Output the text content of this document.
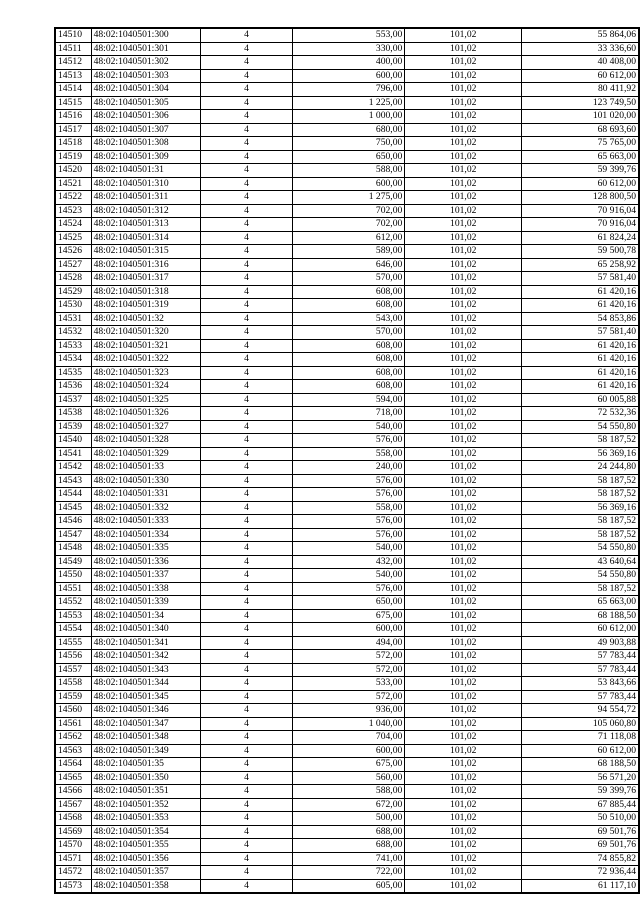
14510	48:02:1040501:300	4	553,00	101,02	55 864,06
14511	48:02:1040501:301	4	330,00	101,02	33 336,60
14512	48:02:1040501:302	4	400,00	101,02	40 408,00
14513	48:02:1040501:303	4	600,00	101,02	60 612,00
14514	48:02:1040501:304	4	796,00	101,02	80 411,92
14515	48:02:1040501:305	4	1 225,00	101,02	123 749,50
14516	48:02:1040501:306	4	1 000,00	101,02	101 020,00
14517	48:02:1040501:307	4	680,00	101,02	68 693,60
14518	48:02:1040501:308	4	750,00	101,02	75 765,00
14519	48:02:1040501:309	4	650,00	101,02	65 663,00
14520	48:02:1040501:31	4	588,00	101,02	59 399,76
14521	48:02:1040501:310	4	600,00	101,02	60 612,00
14522	48:02:1040501:311	4	1 275,00	101,02	128 800,50
14523	48:02:1040501:312	4	702,00	101,02	70 916,04
14524	48:02:1040501:313	4	702,00	101,02	70 916,04
14525	48:02:1040501:314	4	612,00	101,02	61 824,24
14526	48:02:1040501:315	4	589,00	101,02	59 500,78
14527	48:02:1040501:316	4	646,00	101,02	65 258,92
14528	48:02:1040501:317	4	570,00	101,02	57 581,40
14529	48:02:1040501:318	4	608,00	101,02	61 420,16
14530	48:02:1040501:319	4	608,00	101,02	61 420,16
14531	48:02:1040501:32	4	543,00	101,02	54 853,86
14532	48:02:1040501:320	4	570,00	101,02	57 581,40
14533	48:02:1040501:321	4	608,00	101,02	61 420,16
14534	48:02:1040501:322	4	608,00	101,02	61 420,16
14535	48:02:1040501:323	4	608,00	101,02	61 420,16
14536	48:02:1040501:324	4	608,00	101,02	61 420,16
14537	48:02:1040501:325	4	594,00	101,02	60 005,88
14538	48:02:1040501:326	4	718,00	101,02	72 532,36
14539	48:02:1040501:327	4	540,00	101,02	54 550,80
14540	48:02:1040501:328	4	576,00	101,02	58 187,52
14541	48:02:1040501:329	4	558,00	101,02	56 369,16
14542	48:02:1040501:33	4	240,00	101,02	24 244,80
14543	48:02:1040501:330	4	576,00	101,02	58 187,52
14544	48:02:1040501:331	4	576,00	101,02	58 187,52
14545	48:02:1040501:332	4	558,00	101,02	56 369,16
14546	48:02:1040501:333	4	576,00	101,02	58 187,52
14547	48:02:1040501:334	4	576,00	101,02	58 187,52
14548	48:02:1040501:335	4	540,00	101,02	54 550,80
14549	48:02:1040501:336	4	432,00	101,02	43 640,64
14550	48:02:1040501:337	4	540,00	101,02	54 550,80
14551	48:02:1040501:338	4	576,00	101,02	58 187,52
14552	48:02:1040501:339	4	650,00	101,02	65 663,00
14553	48:02:1040501:34	4	675,00	101,02	68 188,50
14554	48:02:1040501:340	4	600,00	101,02	60 612,00
14555	48:02:1040501:341	4	494,00	101,02	49 903,88
14556	48:02:1040501:342	4	572,00	101,02	57 783,44
14557	48:02:1040501:343	4	572,00	101,02	57 783,44
14558	48:02:1040501:344	4	533,00	101,02	53 843,66
14559	48:02:1040501:345	4	572,00	101,02	57 783,44
14560	48:02:1040501:346	4	936,00	101,02	94 554,72
14561	48:02:1040501:347	4	1 040,00	101,02	105 060,80
14562	48:02:1040501:348	4	704,00	101,02	71 118,08
14563	48:02:1040501:349	4	600,00	101,02	60 612,00
14564	48:02:1040501:35	4	675,00	101,02	68 188,50
14565	48:02:1040501:350	4	560,00	101,02	56 571,20
14566	48:02:1040501:351	4	588,00	101,02	59 399,76
14567	48:02:1040501:352	4	672,00	101,02	67 885,44
14568	48:02:1040501:353	4	500,00	101,02	50 510,00
14569	48:02:1040501:354	4	688,00	101,02	69 501,76
14570	48:02:1040501:355	4	688,00	101,02	69 501,76
14571	48:02:1040501:356	4	741,00	101,02	74 855,82
14572	48:02:1040501:357	4	722,00	101,02	72 936,44
14573	48:02:1040501:358	4	605,00	101,02	61 117,10
